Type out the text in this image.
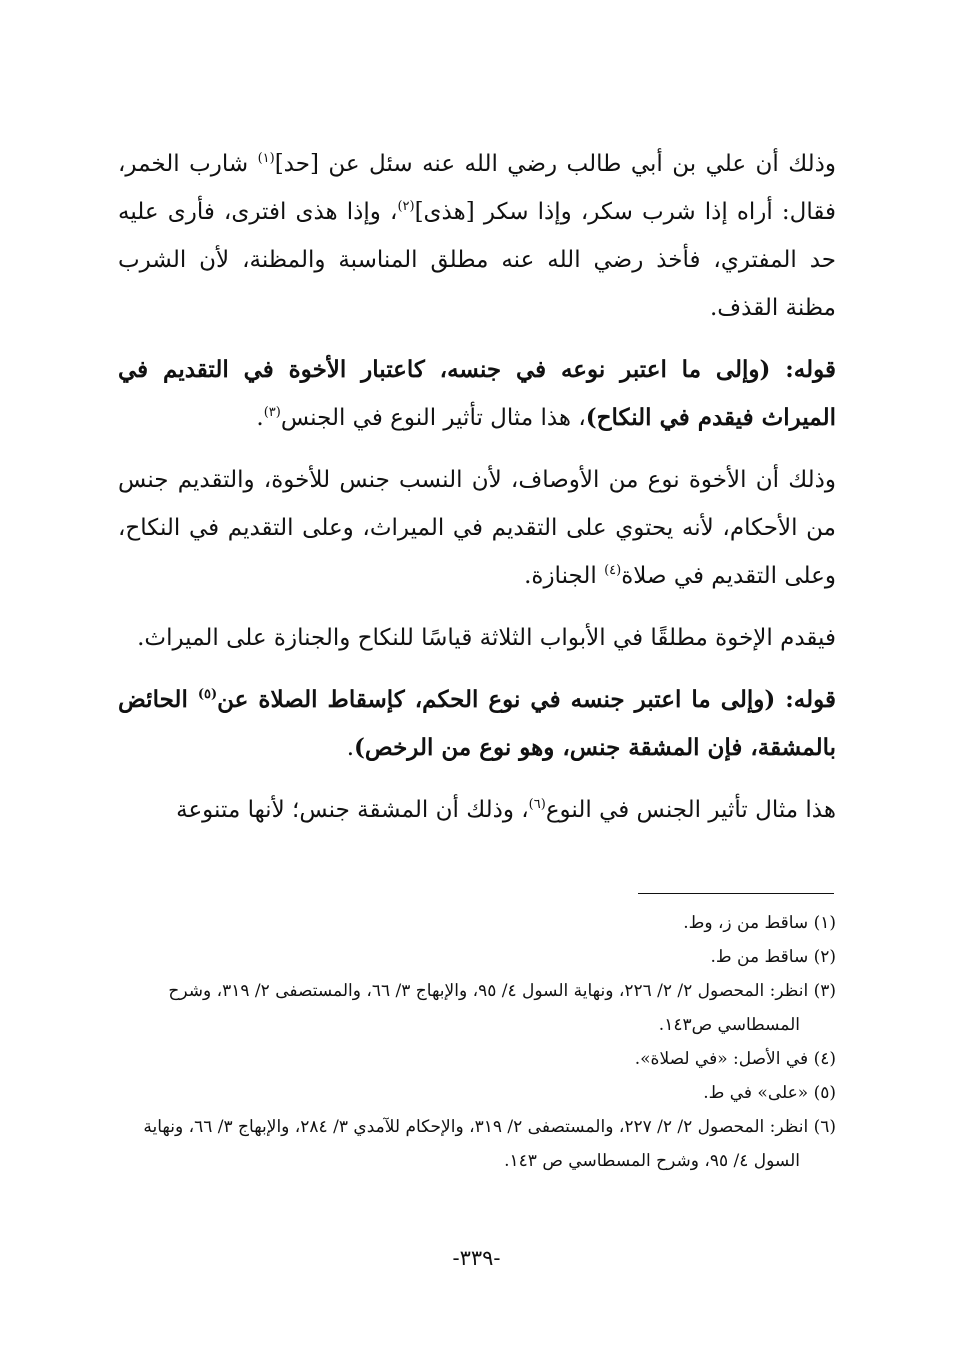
وذلك أن علي بن أبي طالب رضي الله عنه سئل عن [حد]$^{(١)}$ شارب الخمر، فقال: أراه إذا شرب سكر، وإذا سكر [هذى]$^{(٢)}$، وإذا هذى افترى، فأرى عليه حد المفتري، فأخذ رضي الله عنه مطلق المناسبة والمظنة، لأن الشرب مظنة القذف.

قوله: (وإلى ما اعتبر نوعه في جنسه، كاعتبار الأخوة في التقديم في الميراث فيقدم في النكاح)، هذا مثال تأثير النوع في الجنس$^{(٣)}$.

وذلك أن الأخوة نوع من الأوصاف، لأن النسب جنس للأخوة، والتقديم جنس من الأحكام، لأنه يحتوي على التقديم في الميراث، وعلى التقديم في النكاح، وعلى التقديم في صلاة$^{(٤)}$ الجنازة.

فيقدم الإخوة مطلقًا في الأبواب الثلاثة قياسًا للنكاح والجنازة على الميراث.

قوله: (وإلى ما اعتبر جنسه في نوع الحكم، كإسقاط الصلاة عن$^{(٥)}$ الحائض بالمشقة، فإن المشقة جنس، وهو نوع من الرخص).

هذا مثال تأثير الجنس في النوع$^{(٦)}$، وذلك أن المشقة جنس؛ لأنها متنوعة

(١) ساقط من ز، وط.

(٢) ساقط من ط.

(٣) انظر: المحصول ٢/ ٢/ ٢٢٦، ونهاية السول ٤/ ٩٥، والإبهاج ٣/ ٦٦، والمستصفى ٢/ ٣١٩، وشرح المسطاسي ص١٤٣.

(٤) في الأصل: «في لصلاة».

(٥) «على» في ط.

(٦) انظر: المحصول ٢/ ٢/ ٢٢٧، والمستصفى ٢/ ٣١٩، والإحكام للآمدي ٣/ ٢٨٤، والإبهاج ٣/ ٦٦، ونهاية السول ٤/ ٩٥، وشرح المسطاسي ص ١٤٣.

-٣٣٩-
